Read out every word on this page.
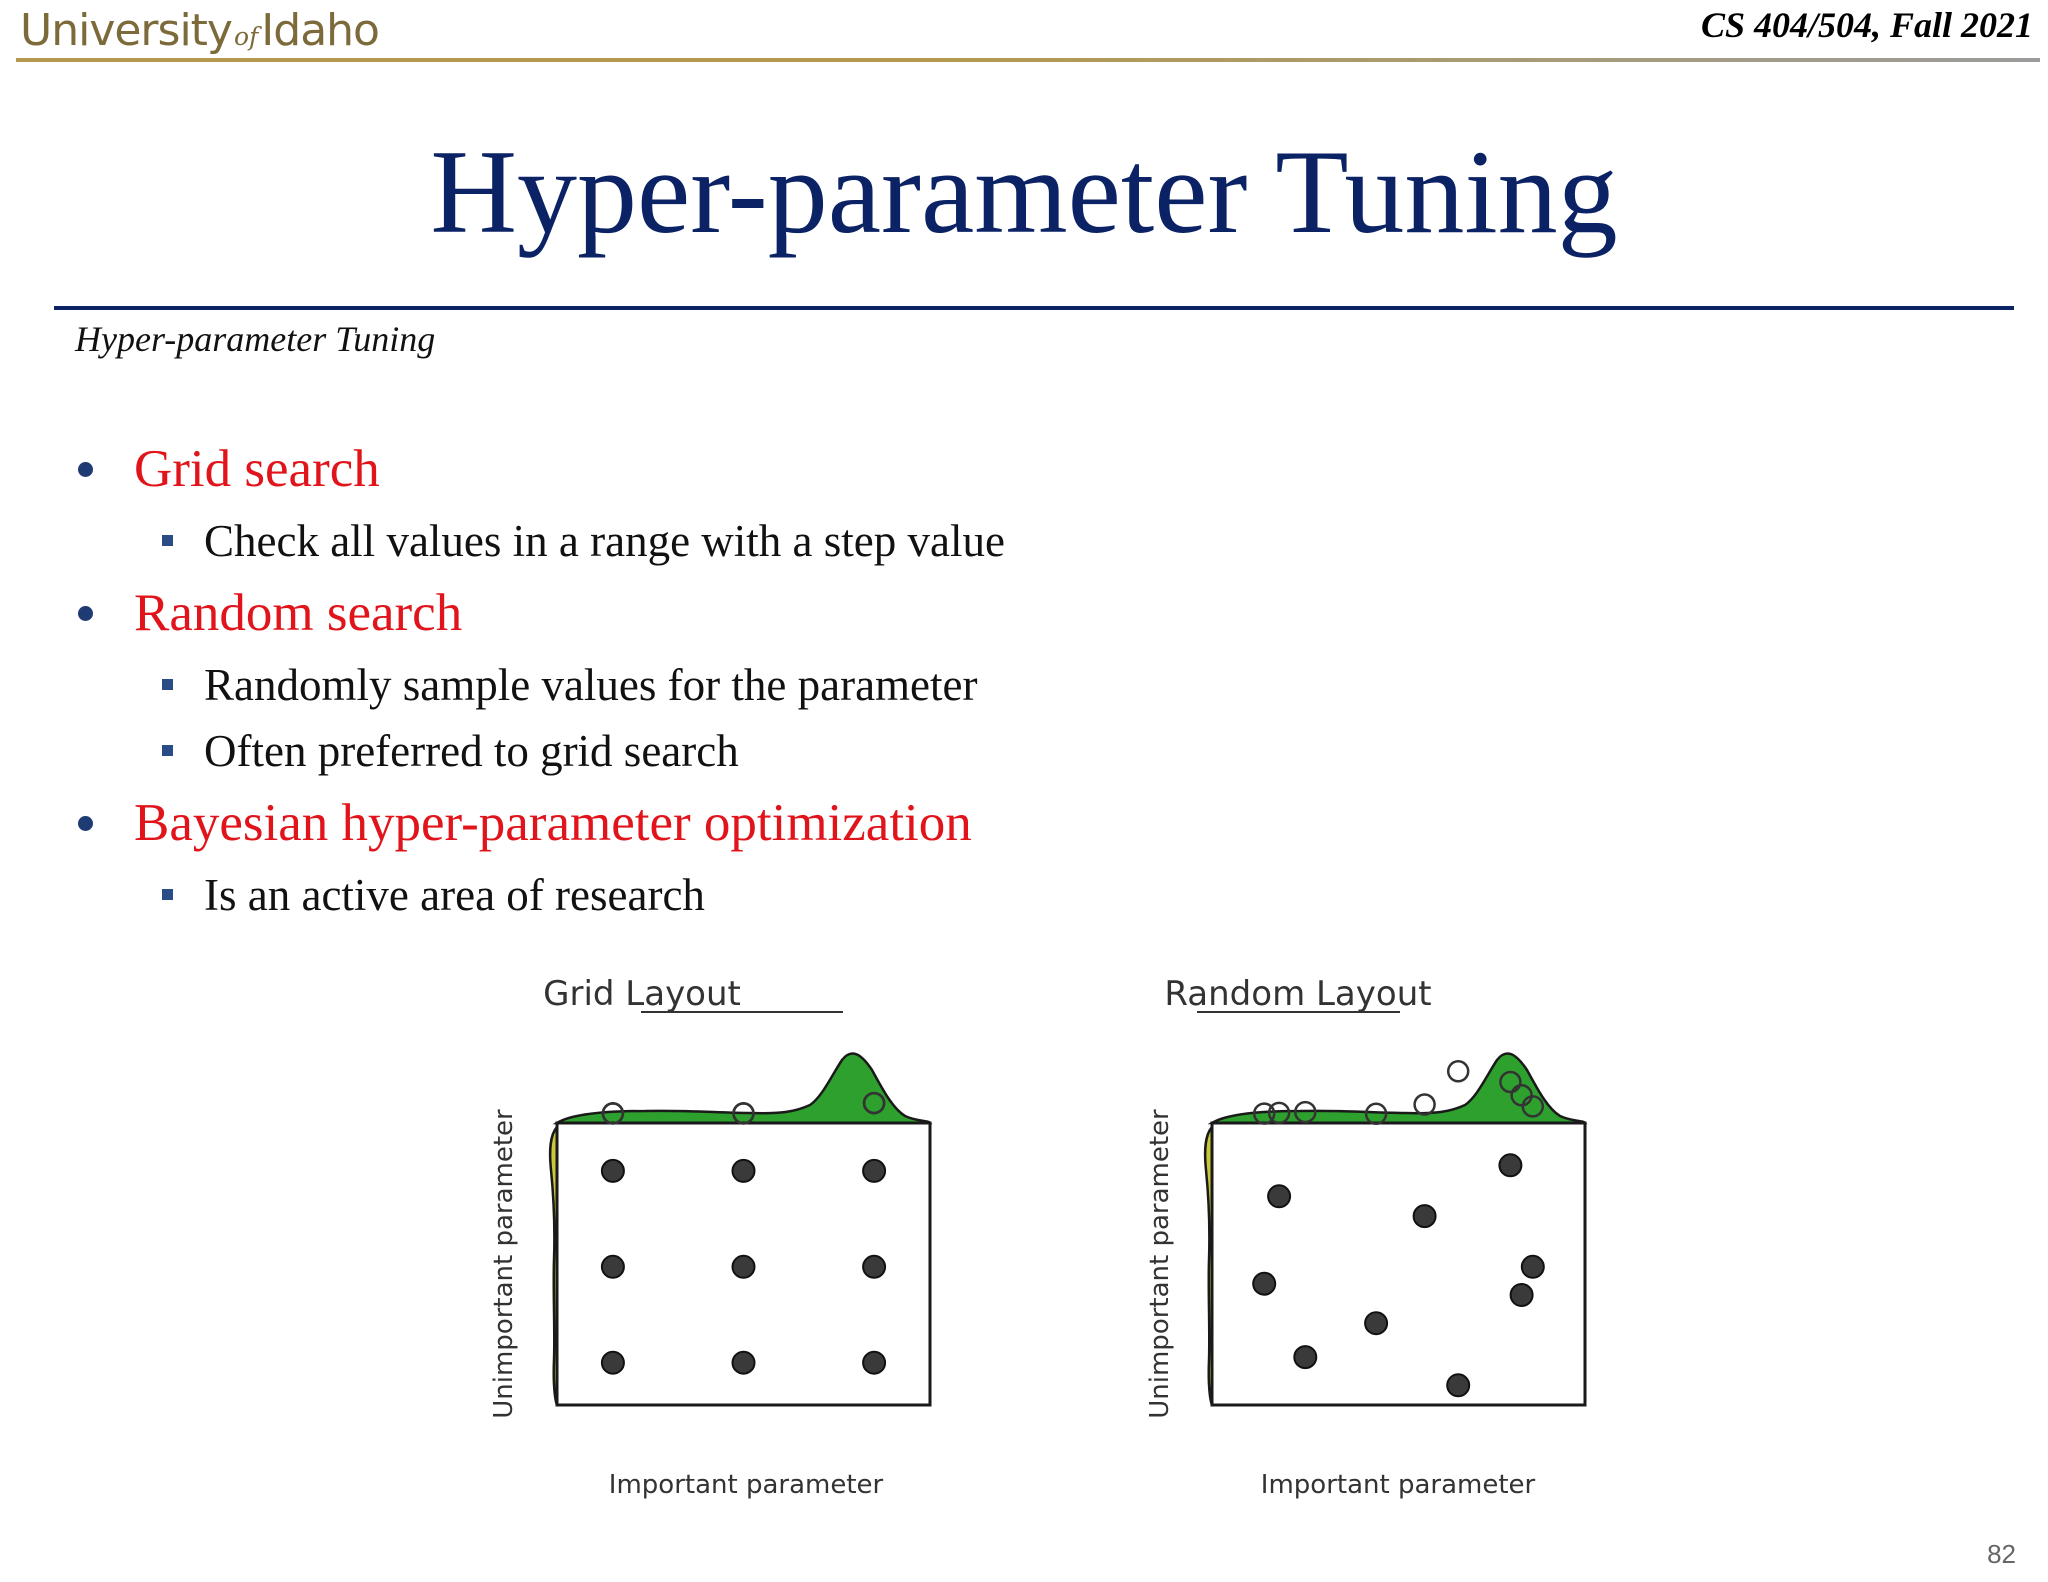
UniversityofIdaho	CS 404/504, Fall 2021
Hyper-parameter Tuning
Hyper-parameter Tuning
Grid search
Check all values in a range with a step value
Random search
Randomly sample values for the parameter
Often preferred to grid search
Bayesian hyper-parameter optimization
Is an active area of research
Grid Layout
Important parameter
Unimportant parameter
Random Layout
Important parameter
Unimportant parameter
82
